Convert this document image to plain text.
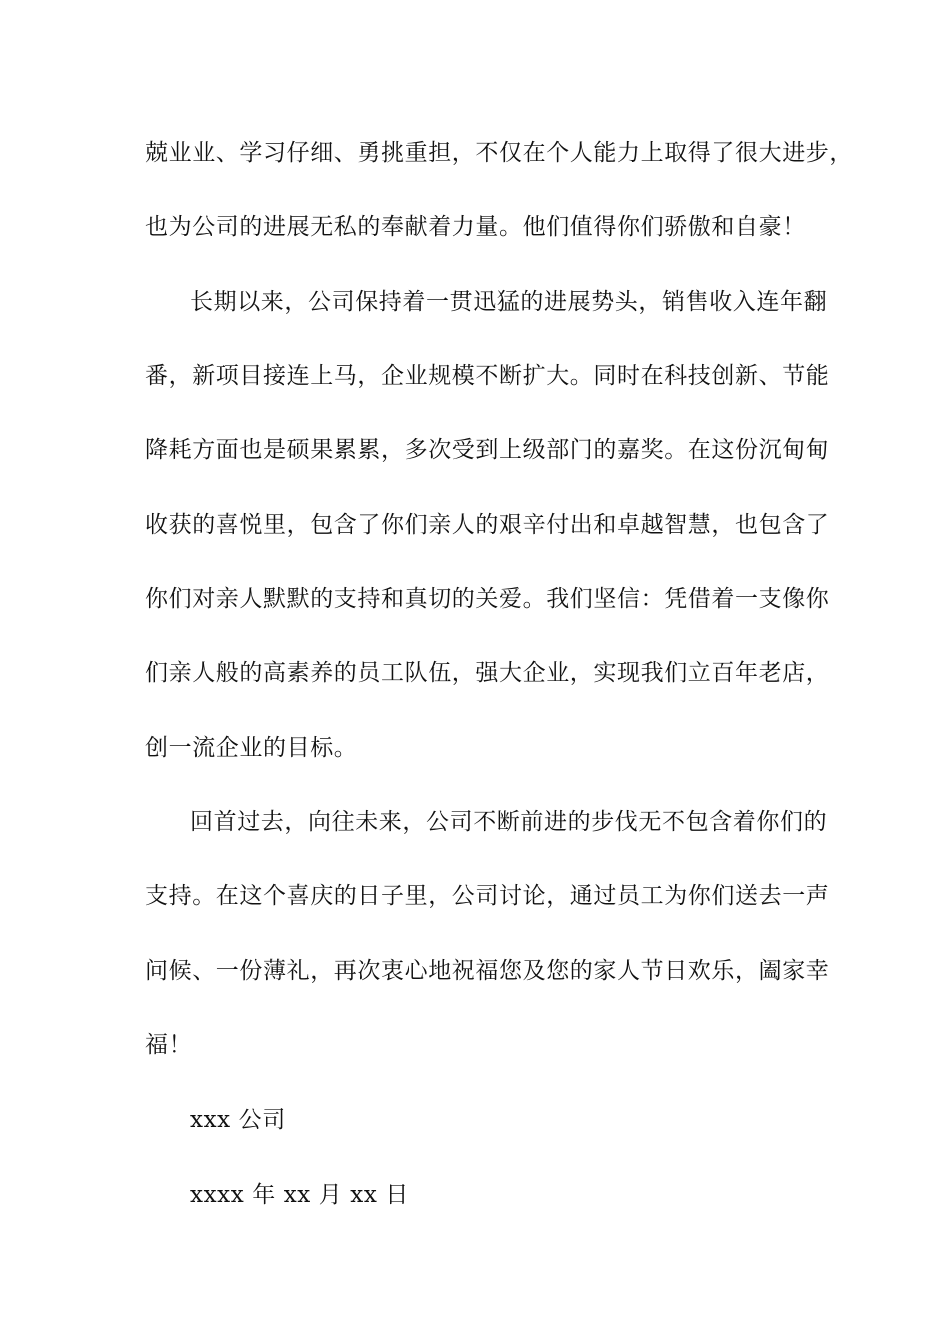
兢业业、学习仔细、勇挑重担，不仅在个人能力上取得了很大进步，
也为公司的进展无私的奉献着力量。他们值得你们骄傲和自豪！
长期以来，公司保持着一贯迅猛的进展势头，销售收入连年翻
番，新项目接连上马，企业规模不断扩大。同时在科技创新、节能
降耗方面也是硕果累累，多次受到上级部门的嘉奖。在这份沉甸甸
收获的喜悦里，包含了你们亲人的艰辛付出和卓越智慧，也包含了
你们对亲人默默的支持和真切的关爱。我们坚信：凭借着一支像你
们亲人般的高素养的员工队伍，强大企业，实现我们立百年老店，
创一流企业的目标。
回首过去，向往未来，公司不断前进的步伐无不包含着你们的
支持。在这个喜庆的日子里，公司讨论，通过员工为你们送去一声
问候、一份薄礼，再次衷心地祝福您及您的家人节日欢乐，阖家幸
福！
xxx 公司
xxxx 年 xx 月 xx 日
